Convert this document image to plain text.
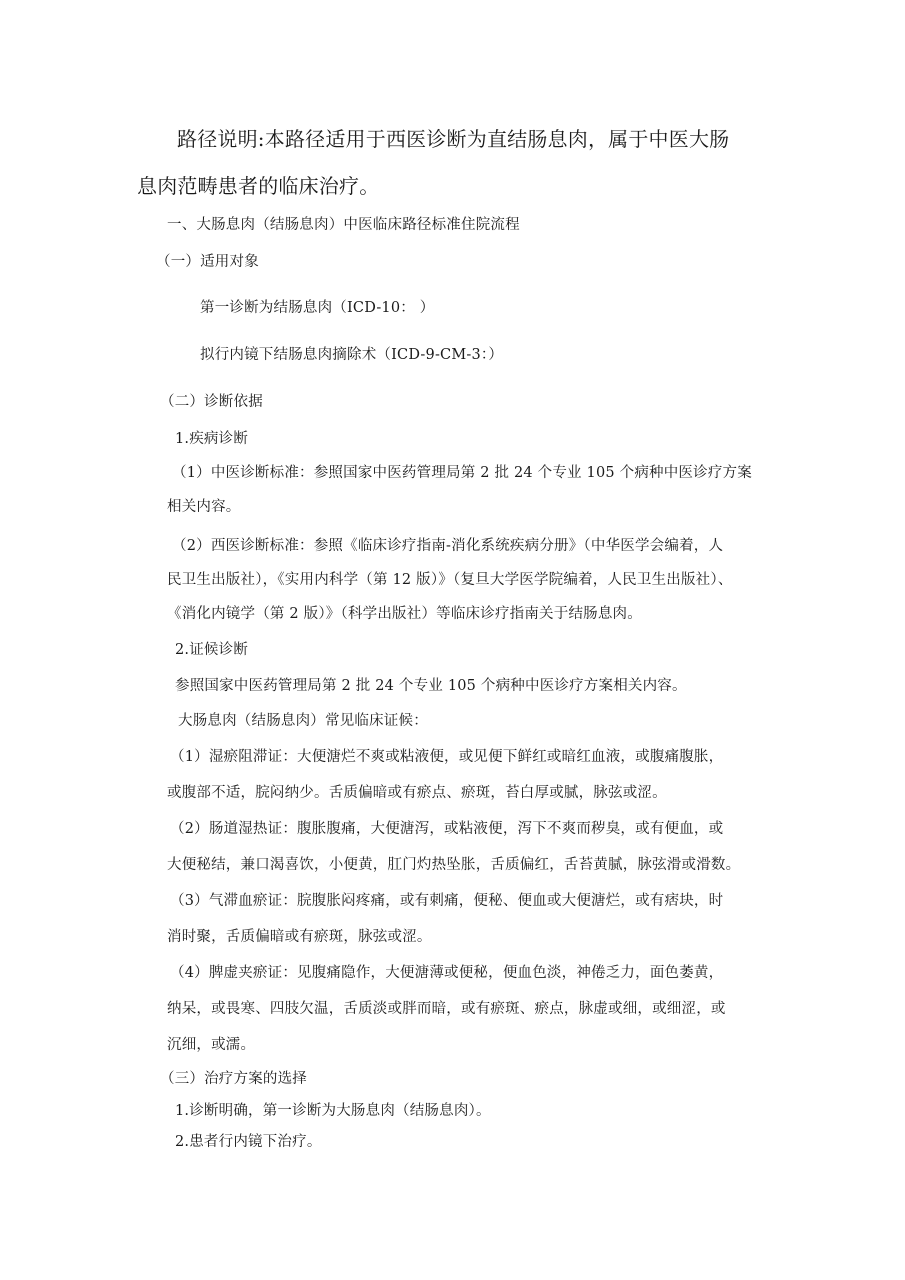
路径说明:本路径适用于西医诊断为直结肠息肉，属于中医大肠

息肉范畴患者的临床治疗。

一、大肠息肉（结肠息肉）中医临床路径标准住院流程

（一）适用对象

第一诊断为结肠息肉（ICD-10： ）

拟行内镜下结肠息肉摘除术（ICD-9-CM-3：）

（二）诊断依据

1.疾病诊断

（1）中医诊断标准：参照国家中医药管理局第 2 批 24 个专业 105 个病种中医诊疗方案

相关内容。

（2）西医诊断标准：参照《临床诊疗指南-消化系统疾病分册》（中华医学会编着，人

民卫生出版社），《实用内科学（第 12 版）》（复旦大学医学院编着，人民卫生出版社）、

《消化内镜学（第 2 版）》（科学出版社）等临床诊疗指南关于结肠息肉。

2.证候诊断

参照国家中医药管理局第 2 批 24 个专业 105 个病种中医诊疗方案相关内容。

大肠息肉（结肠息肉）常见临床证候：

（1）湿瘀阻滞证：大便溏烂不爽或粘液便，或见便下鲜红或暗红血液，或腹痛腹胀，

或腹部不适，脘闷纳少。舌质偏暗或有瘀点、瘀斑，苔白厚或腻，脉弦或涩。

（2）肠道湿热证：腹胀腹痛，大便溏泻，或粘液便，泻下不爽而秽臭，或有便血，或

大便秘结，兼口渴喜饮，小便黄，肛门灼热坠胀，舌质偏红，舌苔黄腻，脉弦滑或滑数。

（3）气滞血瘀证：脘腹胀闷疼痛，或有刺痛，便秘、便血或大便溏烂，或有痞块，时

消时聚，舌质偏暗或有瘀斑，脉弦或涩。

（4）脾虚夹瘀证：见腹痛隐作，大便溏薄或便秘，便血色淡，神倦乏力，面色萎黄，

纳呆，或畏寒、四肢欠温，舌质淡或胖而暗，或有瘀斑、瘀点，脉虚或细，或细涩，或

沉细，或濡。

（三）治疗方案的选择

1.诊断明确，第一诊断为大肠息肉（结肠息肉）。

2.患者行内镜下治疗。
